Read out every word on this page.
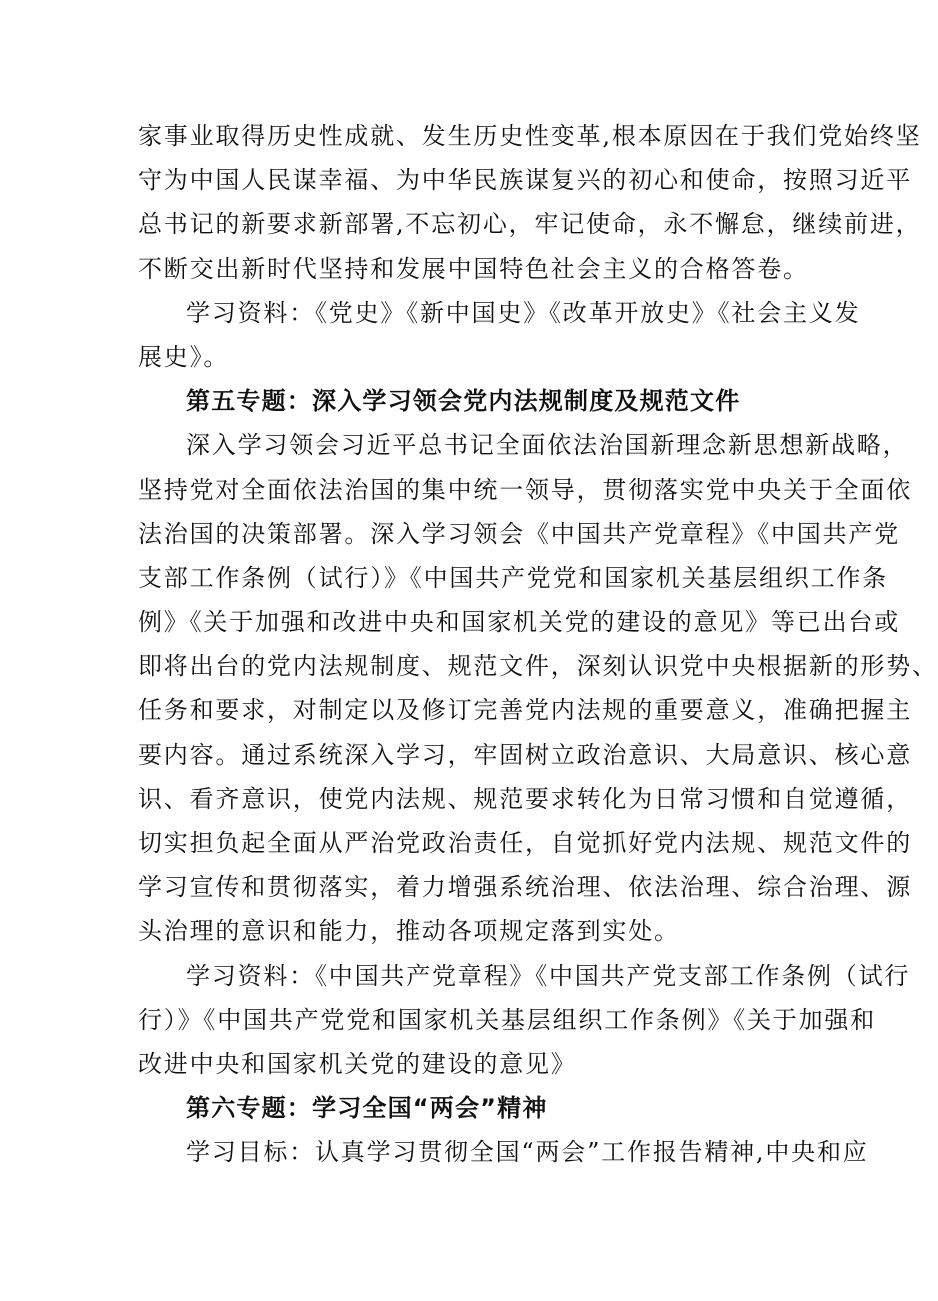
家事业取得历史性成就、发生历史性变革,根本原因在于我们党始终坚
守为中国人民谋幸福、为中华民族谋复兴的初心和使命，按照习近平
总书记的新要求新部署,不忘初心，牢记使命，永不懈怠，继续前进，
不断交出新时代坚持和发展中国特色社会主义的合格答卷。
学习资料：《党史》《新中国史》《改革开放史》《社会主义发
展史》。
第五专题：深入学习领会党内法规制度及规范文件
深入学习领会习近平总书记全面依法治国新理念新思想新战略，
坚持党对全面依法治国的集中统一领导，贯彻落实党中央关于全面依
法治国的决策部署。深入学习领会《中国共产党章程》《中国共产党
支部工作条例（试行）》《中国共产党党和国家机关基层组织工作条
例》《关于加强和改进中央和国家机关党的建设的意见》等已出台或
即将出台的党内法规制度、规范文件，深刻认识党中央根据新的形势、
任务和要求，对制定以及修订完善党内法规的重要意义，准确把握主
要内容。通过系统深入学习，牢固树立政治意识、大局意识、核心意
识、看齐意识，使党内法规、规范要求转化为日常习惯和自觉遵循，
切实担负起全面从严治党政治责任，自觉抓好党内法规、规范文件的
学习宣传和贯彻落实，着力增强系统治理、依法治理、综合治理、源
头治理的意识和能力，推动各项规定落到实处。
学习资料：《中国共产党章程》《中国共产党支部工作条例（试行
行）》《中国共产党党和国家机关基层组织工作条例》《关于加强和
改进中央和国家机关党的建设的意见》
第六专题：学习全国“两会”精神
学习目标：认真学习贯彻全国“两会”工作报告精神,中央和应
